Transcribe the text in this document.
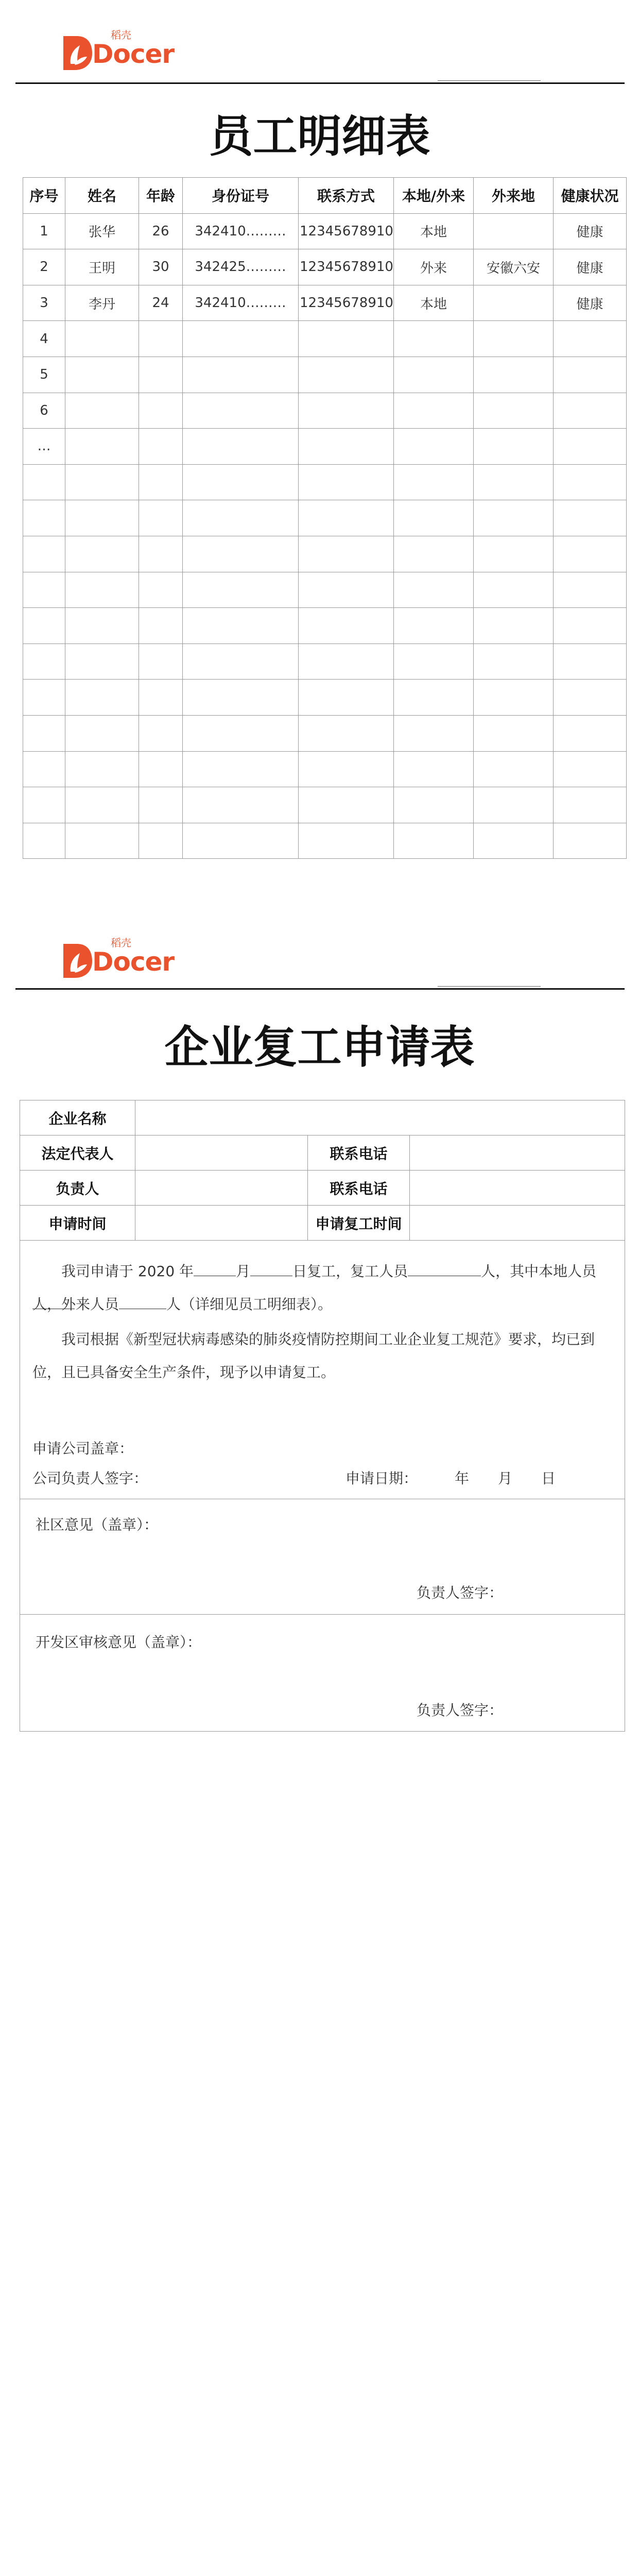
Docer
稻壳
员工明细表
序号	姓名	年龄	身份证号	联系方式	本地/外来	外来地	健康状况
1	张华	26	342410………	12345678910	本地		健康
2	王明	30	342425………	12345678910	外来	安徽六安	健康
3	李丹	24	342410………	12345678910	本地		健康
4							
5							
6							
…							

Docer
稻壳
企业复工申请表
企业名称
法定代表人	联系电话
负责人	联系电话
申请时间	申请复工时间

我司申请于 2020 年	月	日复工，复工人员	人，其中本地人员

人，外来人员	人（详细见员工明细表）。

我司根据《新型冠状病毒感染的肺炎疫情防控期间工业企业复工规范》要求，均已到位，且已具备安全生产条件，现予以申请复工。

申请公司盖章：
公司负责人签字：	申请日期：	年 月 日
社区意见（盖章）：
负责人签字：
开发区审核意见（盖章）：
负责人签字：
